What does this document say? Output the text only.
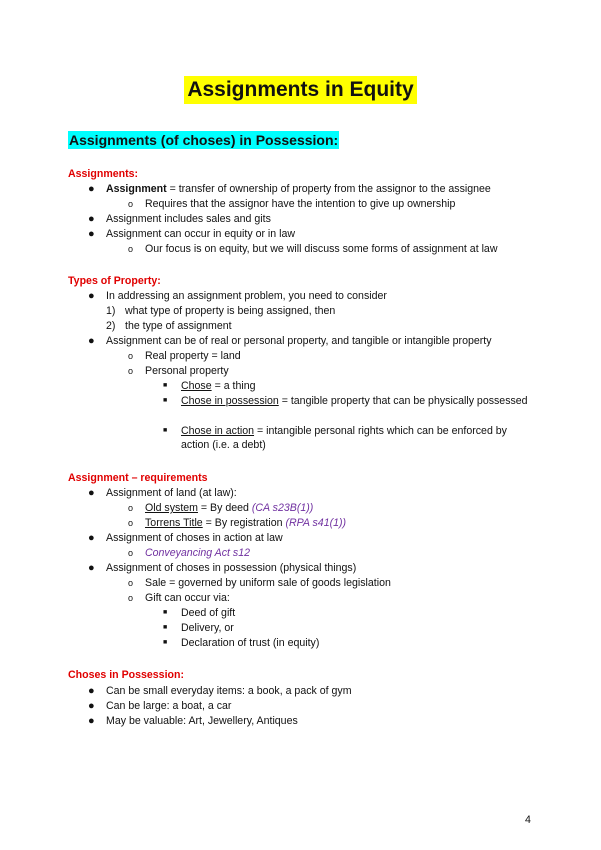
Assignments in Equity
Assignments (of choses) in Possession:
Assignments:
● Assignment = transfer of ownership of property from the assignor to the assignee
o Requires that the assignor have the intention to give up ownership
● Assignment includes sales and gits
● Assignment can occur in equity or in law
o Our focus is on equity, but we will discuss some forms of assignment at law
Types of Property:
● In addressing an assignment problem, you need to consider
1) what type of property is being assigned, then
2) the type of assignment
● Assignment can be of real or personal property, and tangible or intangible property
o Real property = land
o Personal property
■ Chose = a thing
■ Chose in possession = tangible property that can be physically possessed
■ Chose in action = intangible personal rights which can be enforced by action (i.e. a debt)
Assignment – requirements
● Assignment of land (at law):
o Old system = By deed (CA s23B(1))
o Torrens Title = By registration (RPA s41(1))
● Assignment of choses in action at law
o Conveyancing Act s12
● Assignment of choses in possession (physical things)
o Sale = governed by uniform sale of goods legislation
o Gift can occur via:
■ Deed of gift
■ Delivery, or
■ Declaration of trust (in equity)
Choses in Possession:
● Can be small everyday items: a book, a pack of gym
● Can be large: a boat, a car
● May be valuable: Art, Jewellery, Antiques
4
